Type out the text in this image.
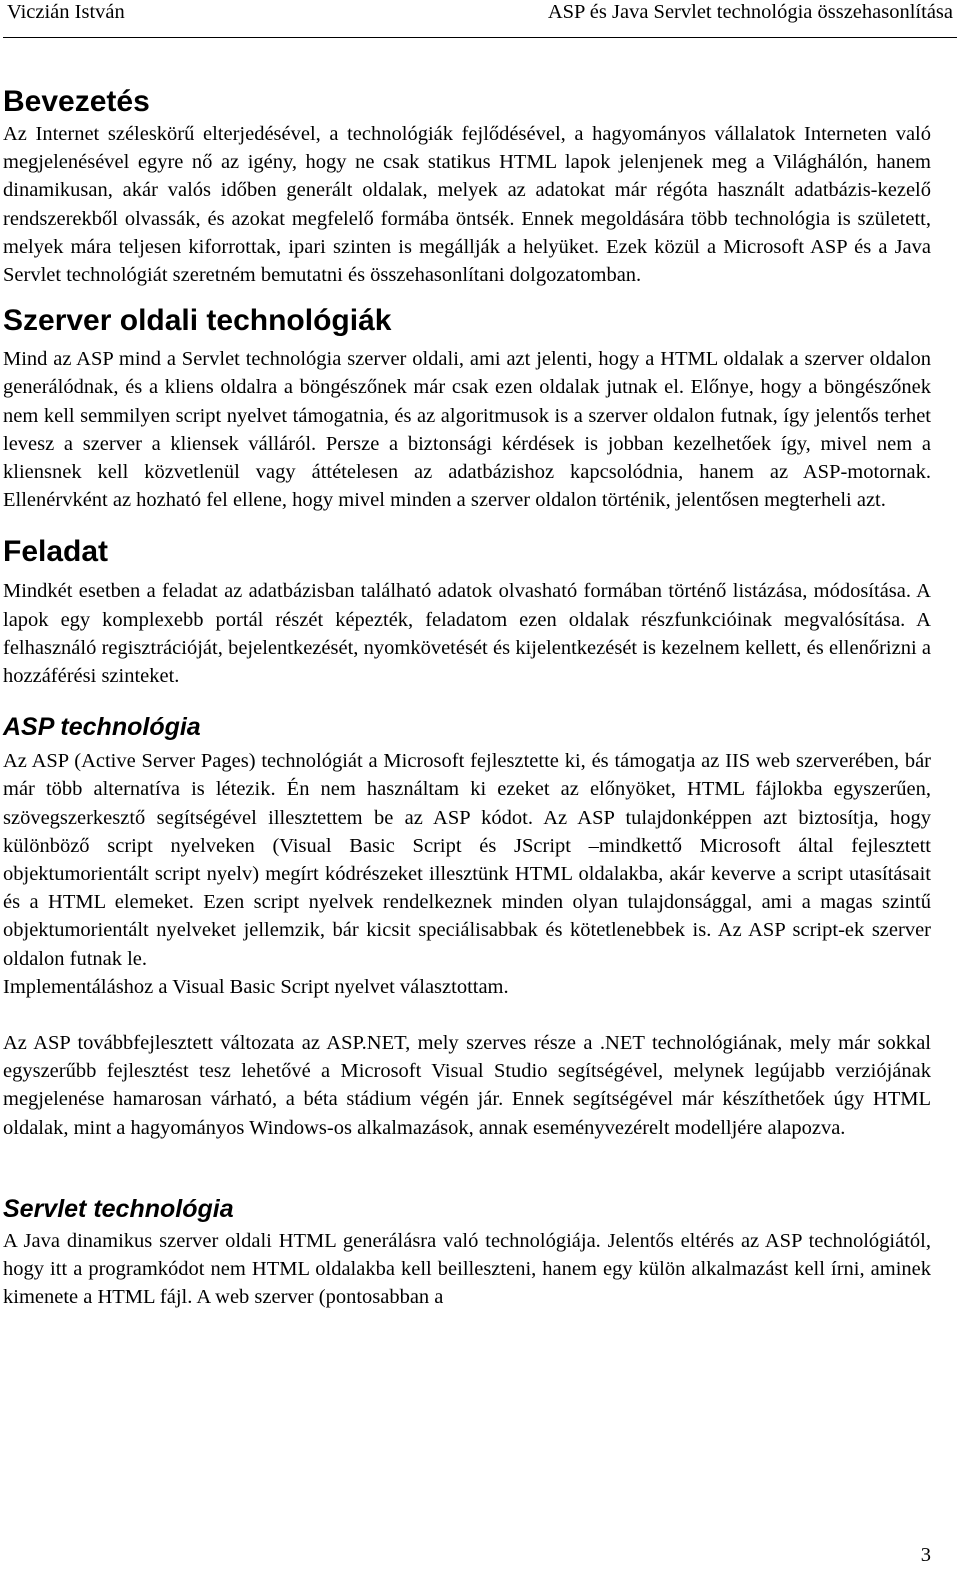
Viczián István	ASP és Java Servlet technológia összehasonlítása
Bevezetés

Az Internet széleskörű elterjedésével, a technológiák fejlődésével, a hagyományos vállalatok Interneten való megjelenésével egyre nő az igény, hogy ne csak statikus HTML lapok jelenjenek meg a Világhálón, hanem dinamikusan, akár valós időben generált oldalak, melyek az adatokat már régóta használt adatbázis-kezelő rendszerekből olvassák, és azokat megfelelő formába öntsék. Ennek megoldására több technológia is született, melyek mára teljesen kiforrottak, ipari szinten is megállják a helyüket. Ezek közül a Microsoft ASP és a Java Servlet technológiát szeretném bemutatni és összehasonlítani dolgozatomban.

Szerver oldali technológiák

Mind az ASP mind a Servlet technológia szerver oldali, ami azt jelenti, hogy a HTML oldalak a szerver oldalon generálódnak, és a kliens oldalra a böngészőnek már csak ezen oldalak jutnak el. Előnye, hogy a böngészőnek nem kell semmilyen script nyelvet támogatnia, és az algoritmusok is a szerver oldalon futnak, így jelentős terhet levesz a szerver a kliensek válláról. Persze a biztonsági kérdések is jobban kezelhetőek így, mivel nem a kliensnek kell közvetlenül vagy áttételesen az adatbázishoz kapcsolódnia, hanem az ASP-motornak. Ellenérvként az hozható fel ellene, hogy mivel minden a szerver oldalon történik, jelentősen megterheli azt.

Feladat

Mindkét esetben a feladat az adatbázisban található adatok olvasható formában történő listázása, módosítása. A lapok egy komplexebb portál részét képezték, feladatom ezen oldalak részfunkcióinak megvalósítása. A felhasználó regisztrációját, bejelentkezését, nyomkövetését és kijelentkezését is kezelnem kellett, és ellenőrizni a hozzáférési szinteket.

ASP technológia

Az ASP (Active Server Pages) technológiát a Microsoft fejlesztette ki, és támogatja az IIS web szerverében, bár már több alternatíva is létezik. Én nem használtam ki ezeket az előnyöket, HTML fájlokba egyszerűen, szövegszerkesztő segítségével illesztettem be az ASP kódot. Az ASP tulajdonképpen azt biztosítja, hogy különböző script nyelveken (Visual Basic Script és JScript –mindkettő Microsoft által fejlesztett objektumorientált script nyelv) megírt kódrészeket illesztünk HTML oldalakba, akár keverve a script utasításait és a HTML elemeket. Ezen script nyelvek rendelkeznek minden olyan tulajdonsággal, ami a magas szintű objektumorientált nyelveket jellemzik, bár kicsit speciálisabbak és kötetlenebbek is. Az ASP script-ek szerver oldalon futnak le.

Implementáláshoz a Visual Basic Script nyelvet választottam.

Az ASP továbbfejlesztett változata az ASP.NET, mely szerves része a .NET technológiának, mely már sokkal egyszerűbb fejlesztést tesz lehetővé a Microsoft Visual Studio segítségével, melynek legújabb verziójának megjelenése hamarosan várható, a béta stádium végén jár. Ennek segítségével már készíthetőek úgy HTML oldalak, mint a hagyományos Windows-os alkalmazások, annak eseményvezérelt modelljére alapozva.

Servlet technológia

A Java dinamikus szerver oldali HTML generálásra való technológiája. Jelentős eltérés az ASP technológiától, hogy itt a programkódot nem HTML oldalakba kell beilleszteni, hanem egy külön alkalmazást kell írni, aminek kimenete a HTML fájl. A web szerver (pontosabban a

3
